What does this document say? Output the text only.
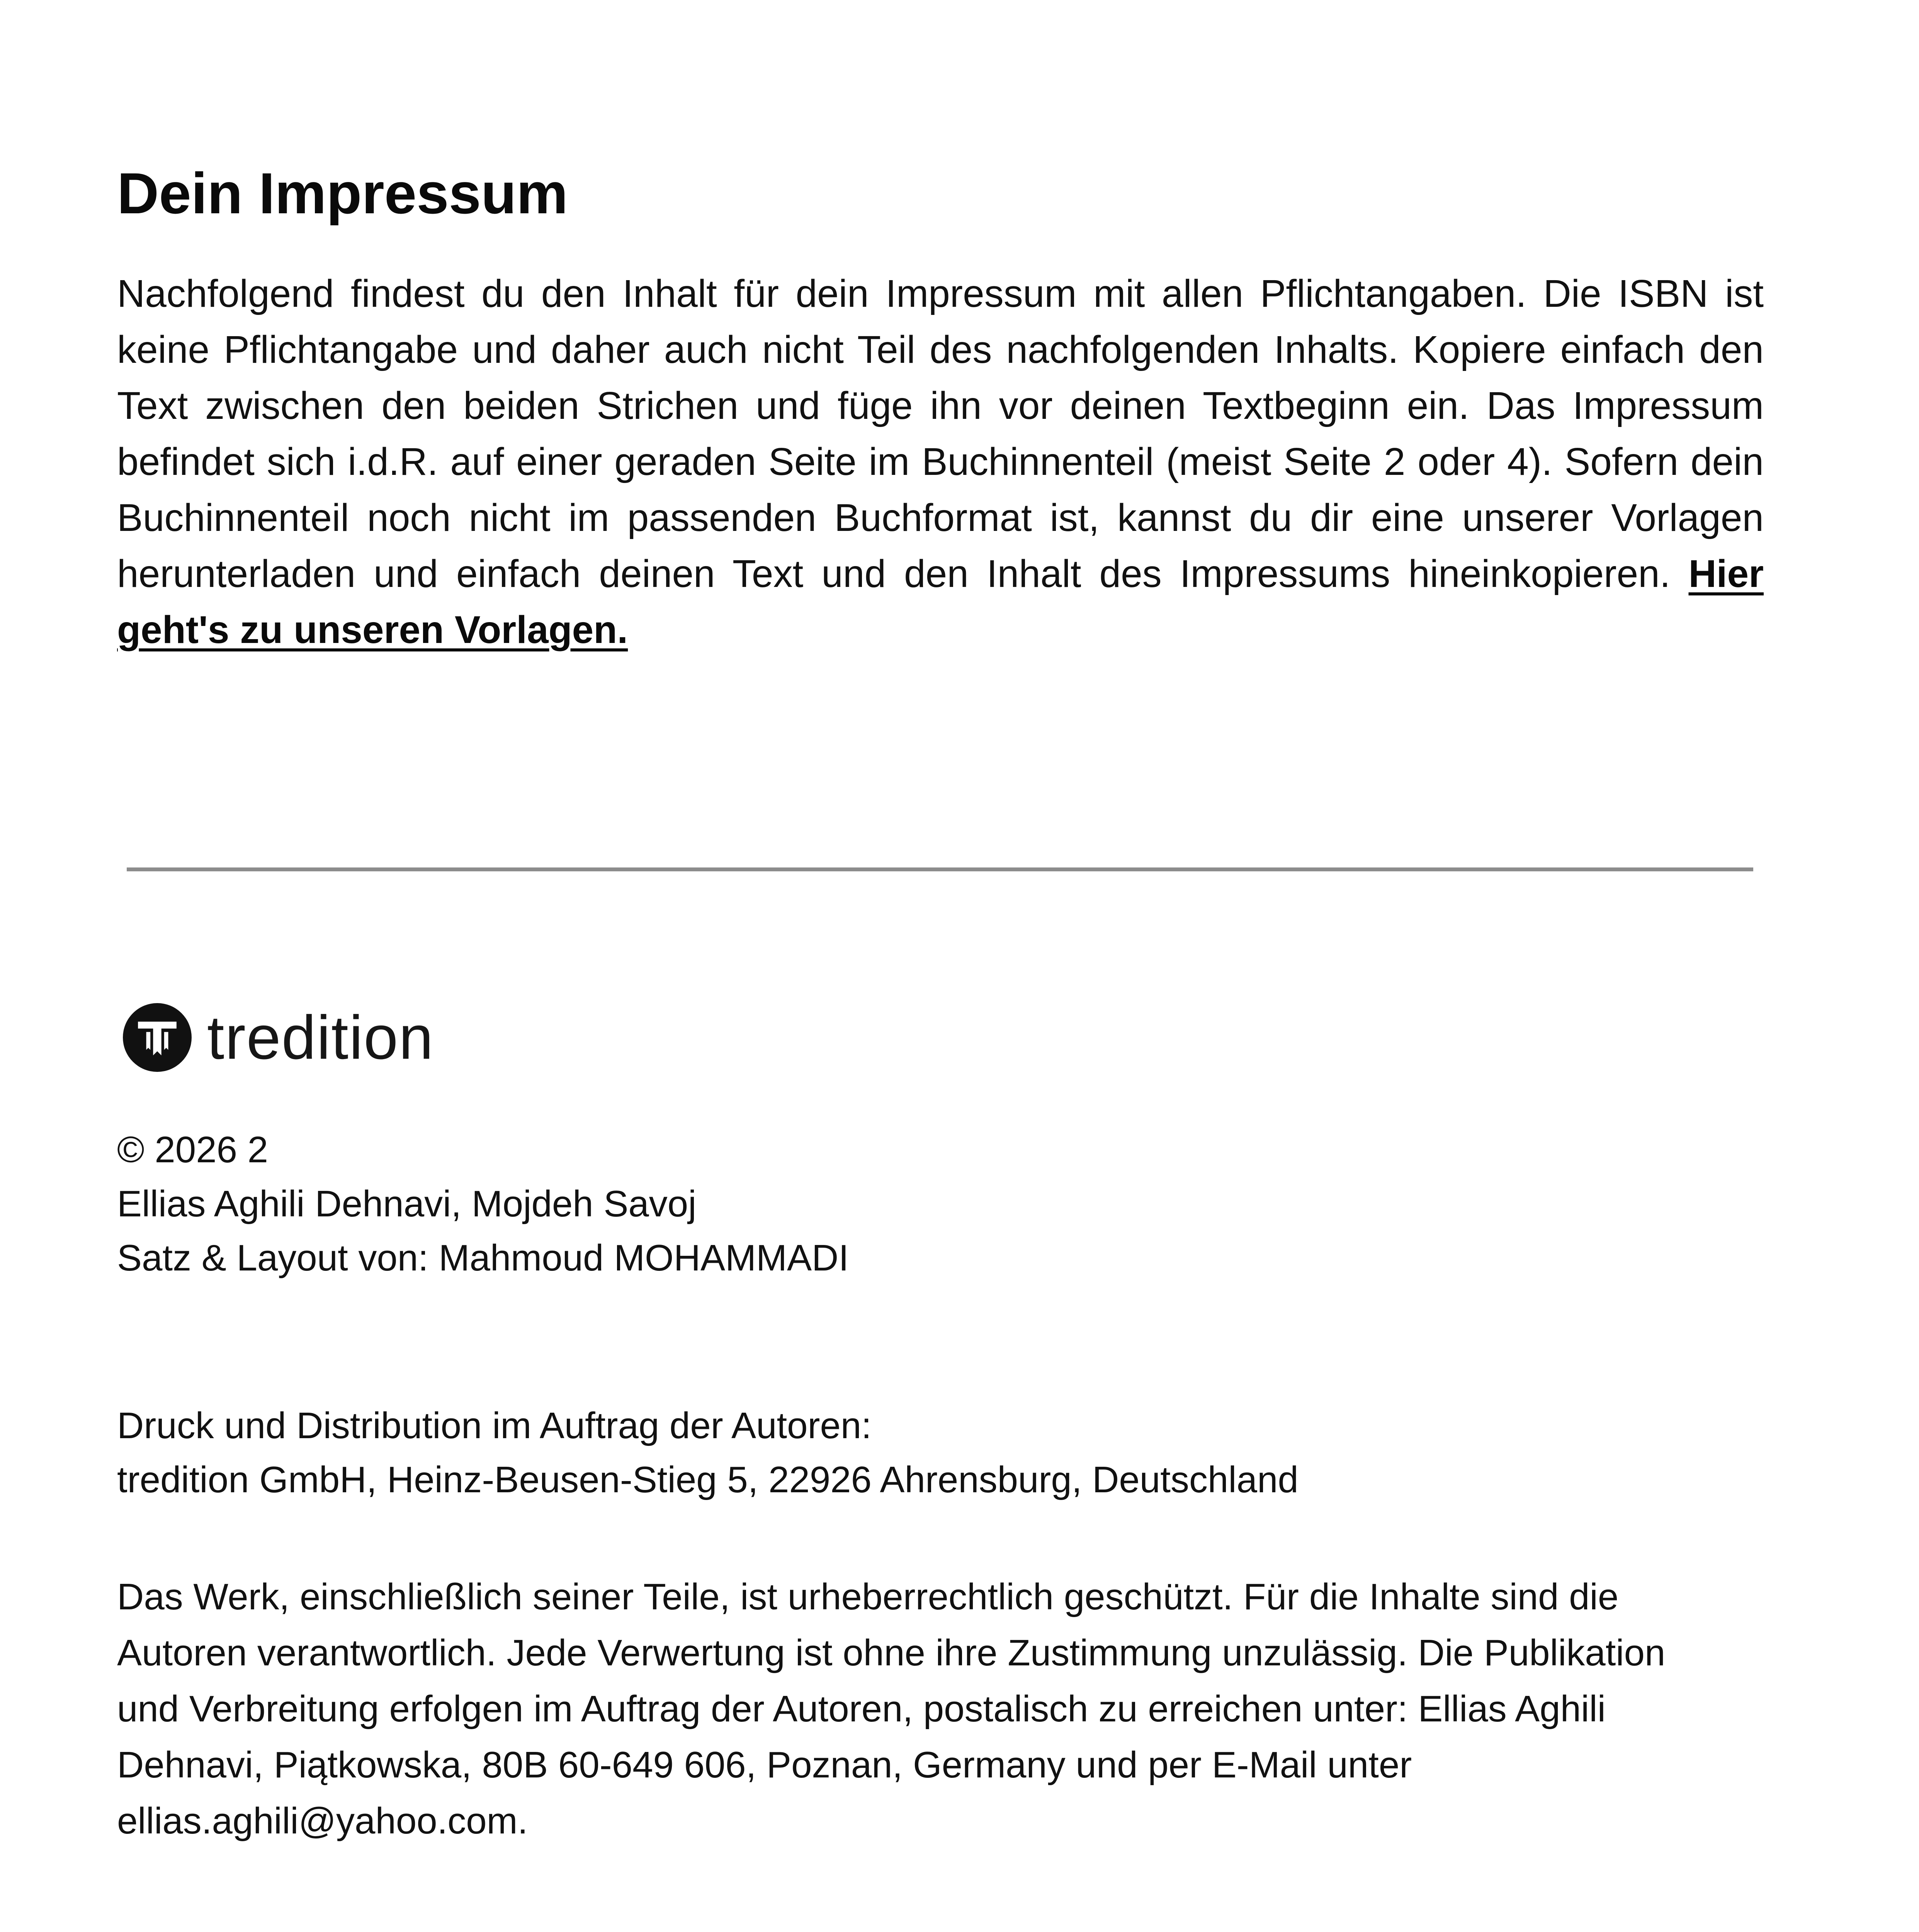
Dein Impressum

Nachfolgend findest du den Inhalt für dein Impressum mit allen Pflichtangaben. Die ISBN ist keine Pflichtangabe und daher auch nicht Teil des nachfolgenden Inhalts. Kopiere einfach den Text zwischen den beiden Strichen und füge ihn vor deinen Textbeginn ein. Das Impressum befindet sich i.d.R. auf einer geraden Seite im Buchinnenteil (meist Seite 2 oder 4). Sofern dein Buchinnenteil noch nicht im passenden Buchformat ist, kannst du dir eine unserer Vorlagen herunterladen und einfach deinen Text und den Inhalt des Impressums hineinkopieren. Hier geht's zu unseren Vorlagen.

tredition
© 2026 2
Ellias Aghili Dehnavi, Mojdeh Savoj
Satz & Layout von: Mahmoud MOHAMMADI
Druck und Distribution im Auftrag der Autoren:
tredition GmbH, Heinz-Beusen-Stieg 5, 22926 Ahrensburg, Deutschland
Das Werk, einschließlich seiner Teile, ist urheberrechtlich geschützt. Für die Inhalte sind die
Autoren verantwortlich. Jede Verwertung ist ohne ihre Zustimmung unzulässig. Die Publikation
und Verbreitung erfolgen im Auftrag der Autoren, postalisch zu erreichen unter: Ellias Aghili
Dehnavi, Piątkowska, 80B 60-649 606, Poznan, Germany und per E-Mail unter
ellias.aghili@yahoo.com.
